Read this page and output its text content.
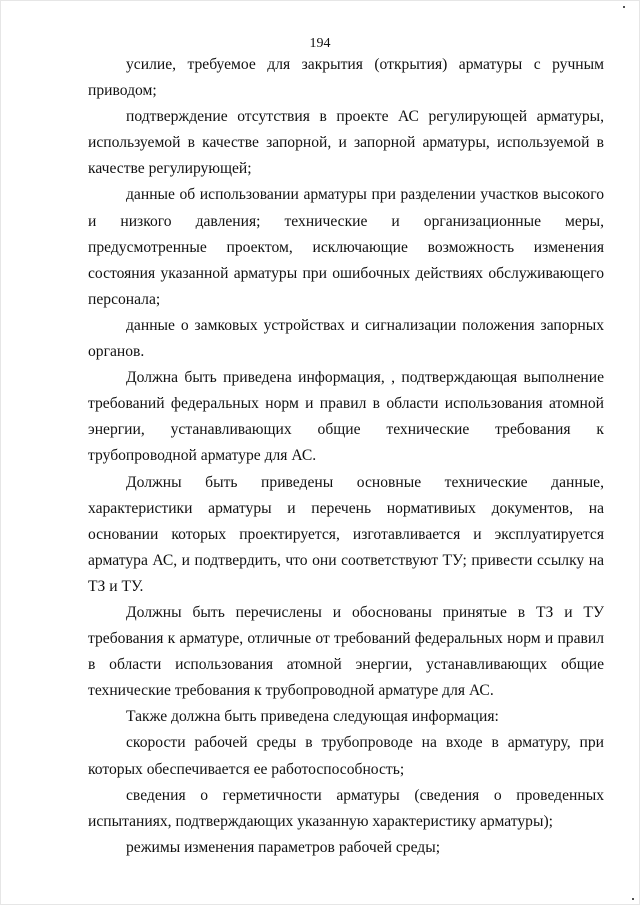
194

усилие, требуемое для закрытия (открытия) арматуры с ручным приводом;

подтверждение отсутствия в проекте АС регулирующей арматуры, используемой в качестве запорной, и запорной арматуры, используемой в качестве регулирующей;

данные об использовании арматуры при разделении участков высокого и низкого давления; технические и организационные меры, предусмотренные проектом, исключающие возможность изменения состояния указанной арматуры при ошибочных действиях обслуживающего персонала;

данные о замковых устройствах и сигнализации положения запорных органов.

Должна быть приведена информация, , подтверждающая выполнение требований федеральных норм и правил в области использования атомной энергии, устанавливающих общие технические требования к трубопроводной арматуре для АС.

Должны быть приведены основные технические данные, характеристики арматуры и перечень нормативиых документов, на основании которых проектируется, изготавливается и эксплуатируется арматура АС, и подтвердить, что они соответствуют ТУ; привести ссылку на ТЗ и ТУ.

Должны быть перечислены и обоснованы принятые в ТЗ и ТУ требования к арматуре, отличные от требований федеральных норм и правил в области использования атомной энергии, устанавливающих общие технические требования к трубопроводной арматуре для АС.

Также должна быть приведена следующая информация:

скорости рабочей среды в трубопроводе на входе в арматуру, при которых обеспечивается ее работоспособность;

сведения о герметичности арматуры (сведения о проведенных испытаниях, подтверждающих указанную характеристику арматуры);

режимы изменения параметров рабочей среды;
